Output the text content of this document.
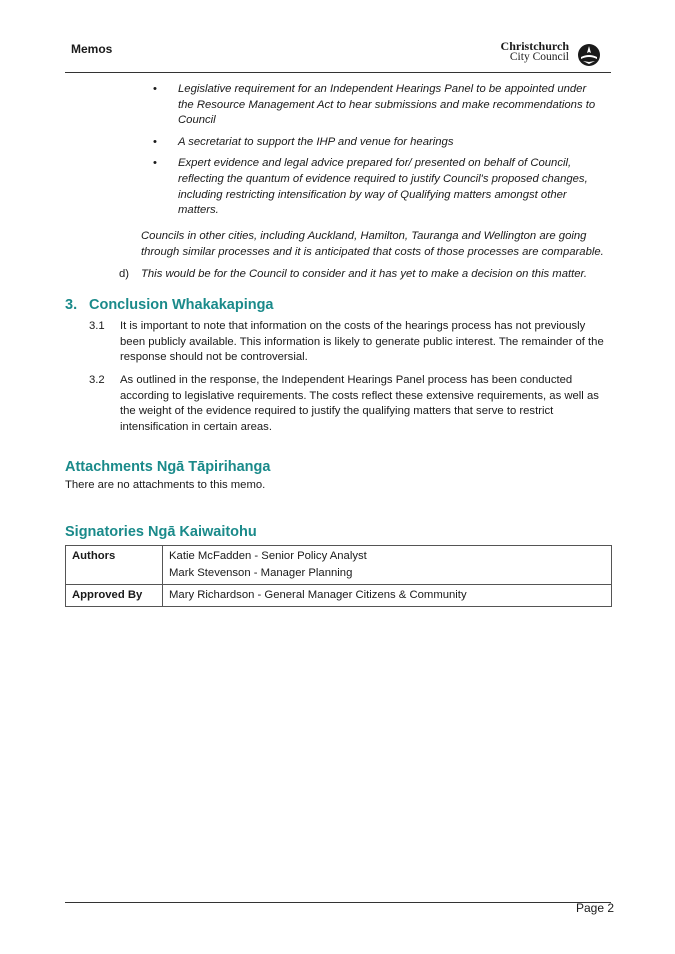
Memos	Christchurch
City Council
• Legislative requirement for an Independent Hearings Panel to be appointed under the Resource Management Act to hear submissions and make recommendations to Council
• A secretariat to support the IHP and venue for hearings
• Expert evidence and legal advice prepared for/ presented on behalf of Council, reflecting the quantum of evidence required to justify Council's proposed changes, including restricting intensification by way of Qualifying matters amongst other matters.
Councils in other cities, including Auckland, Hamilton, Tauranga and Wellington are going through similar processes and it is anticipated that costs of those processes are comparable.
d) This would be for the Council to consider and it has yet to make a decision on this matter.
3. Conclusion Whakakapinga
3.1 It is important to note that information on the costs of the hearings process has not previously been publicly available. This information is likely to generate public interest. The remainder of the response should not be controversial.
3.2 As outlined in the response, the Independent Hearings Panel process has been conducted according to legislative requirements. The costs reflect these extensive requirements, as well as the weight of the evidence required to justify the qualifying matters that serve to restrict intensification in certain areas.
Attachments Ngā Tāpirihanga
There are no attachments to this memo.
Signatories Ngā Kaiwaitohu
Authors	Katie McFadden - Senior Policy Analyst
Mark Stevenson - Manager Planning

Approved By	Mary Richardson - General Manager Citizens & Community
Page 2
